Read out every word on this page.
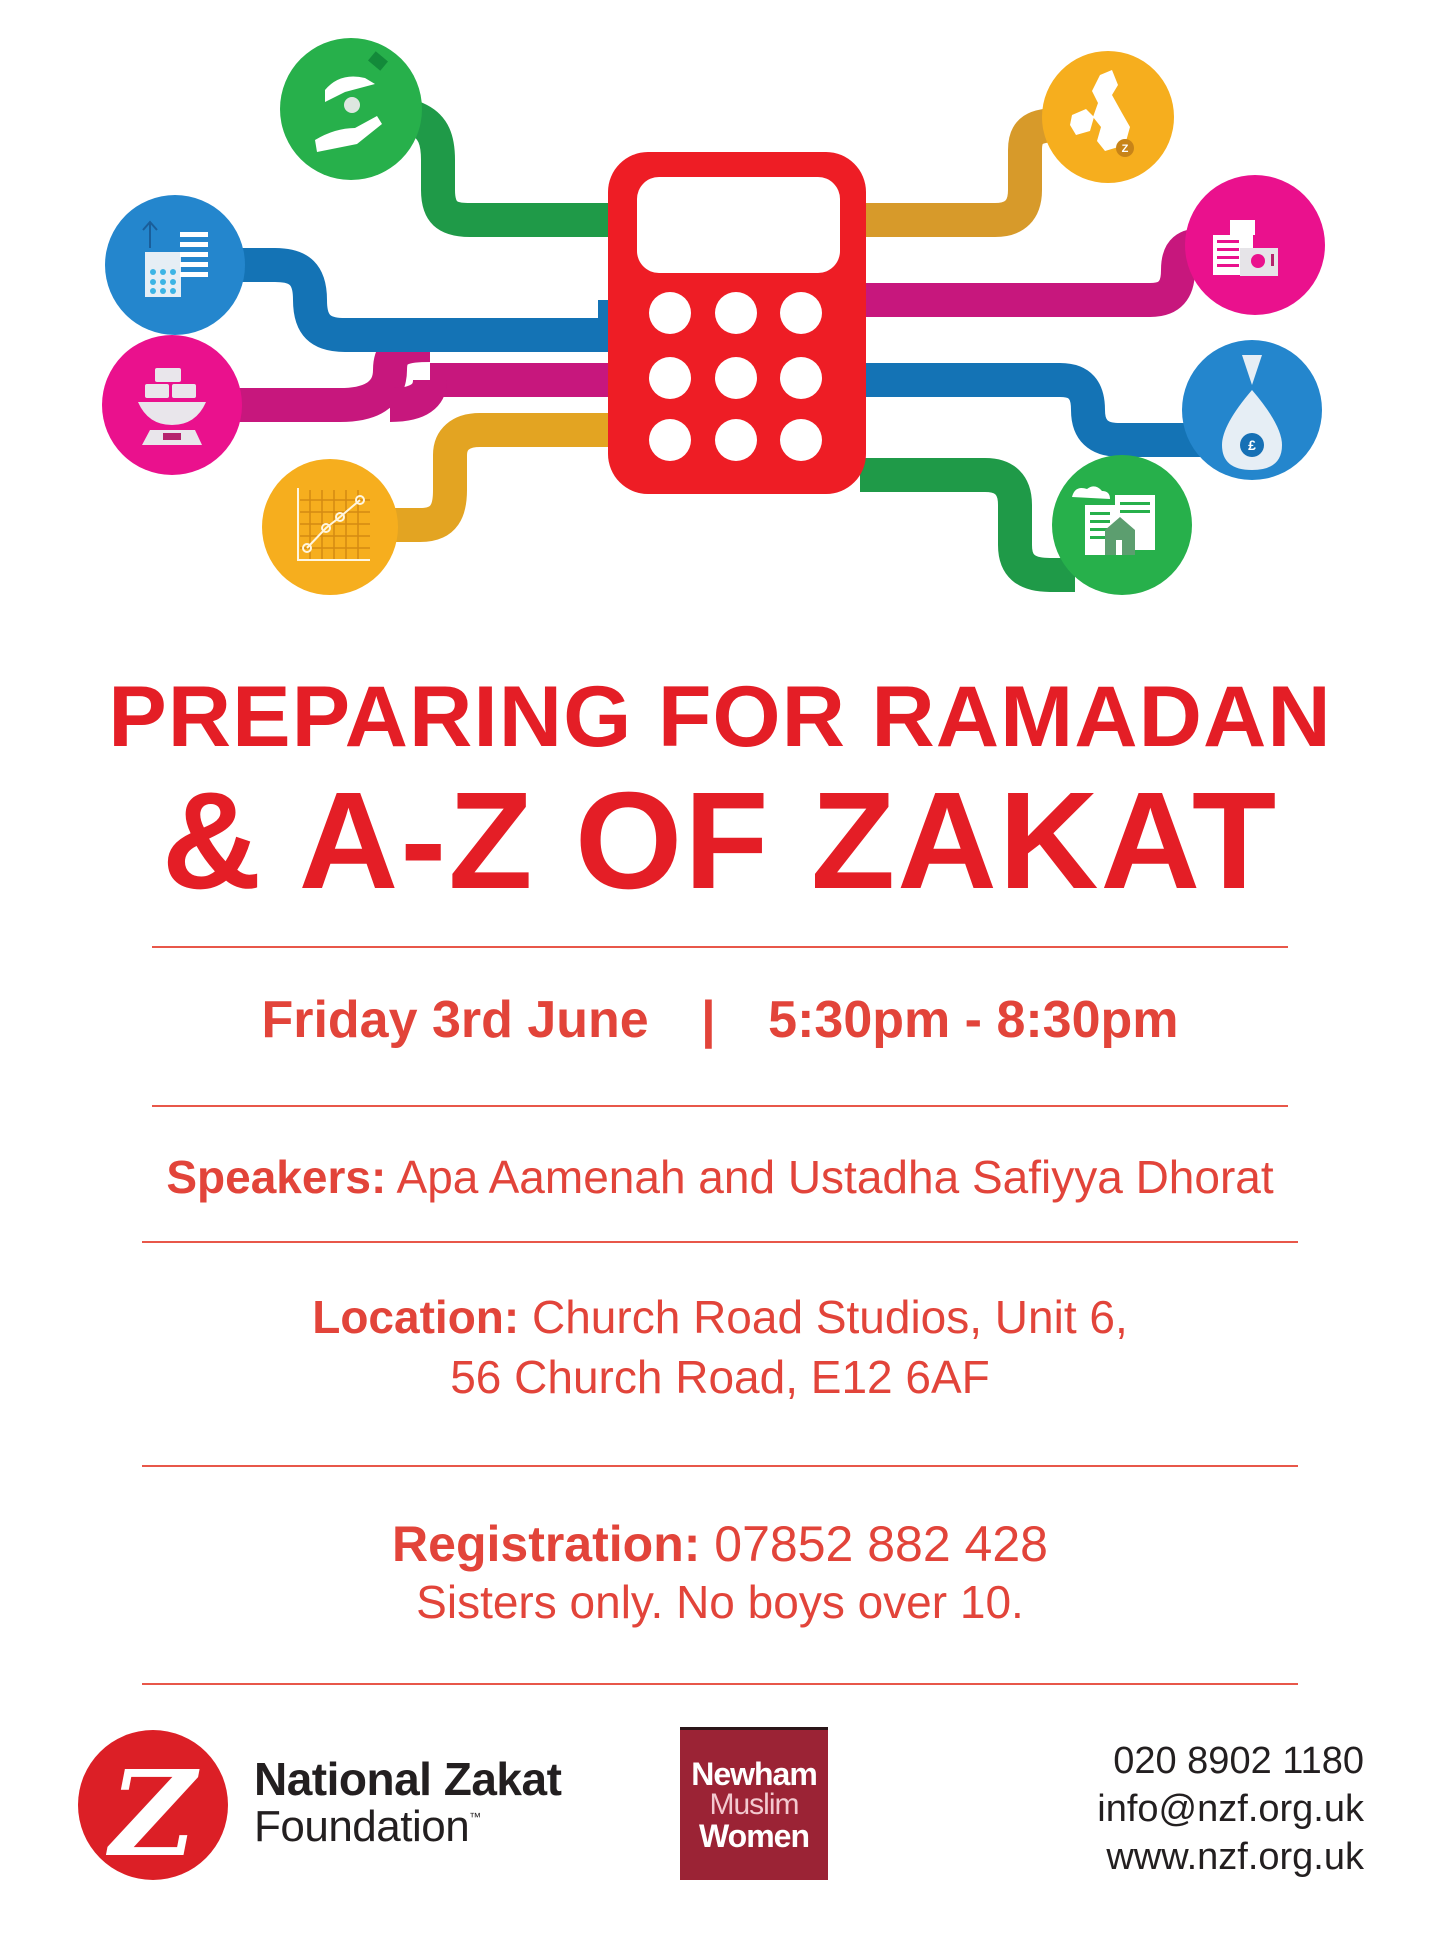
Z
£
PREPARING FOR RAMADAN
& A-Z OF ZAKAT
Friday 3rd June | 5:30pm - 8:30pm
Speakers: Apa Aamenah and Ustadha Safiyya Dhorat
Location: Church Road Studios, Unit 6,
56 Church Road, E12 6AF
Registration: 07852 882 428
Sisters only. No boys over 10.
Z	National Zakat
Foundation™
Newham
Muslim
Women
020 8902 1180
info@nzf.org.uk
www.nzf.org.uk
